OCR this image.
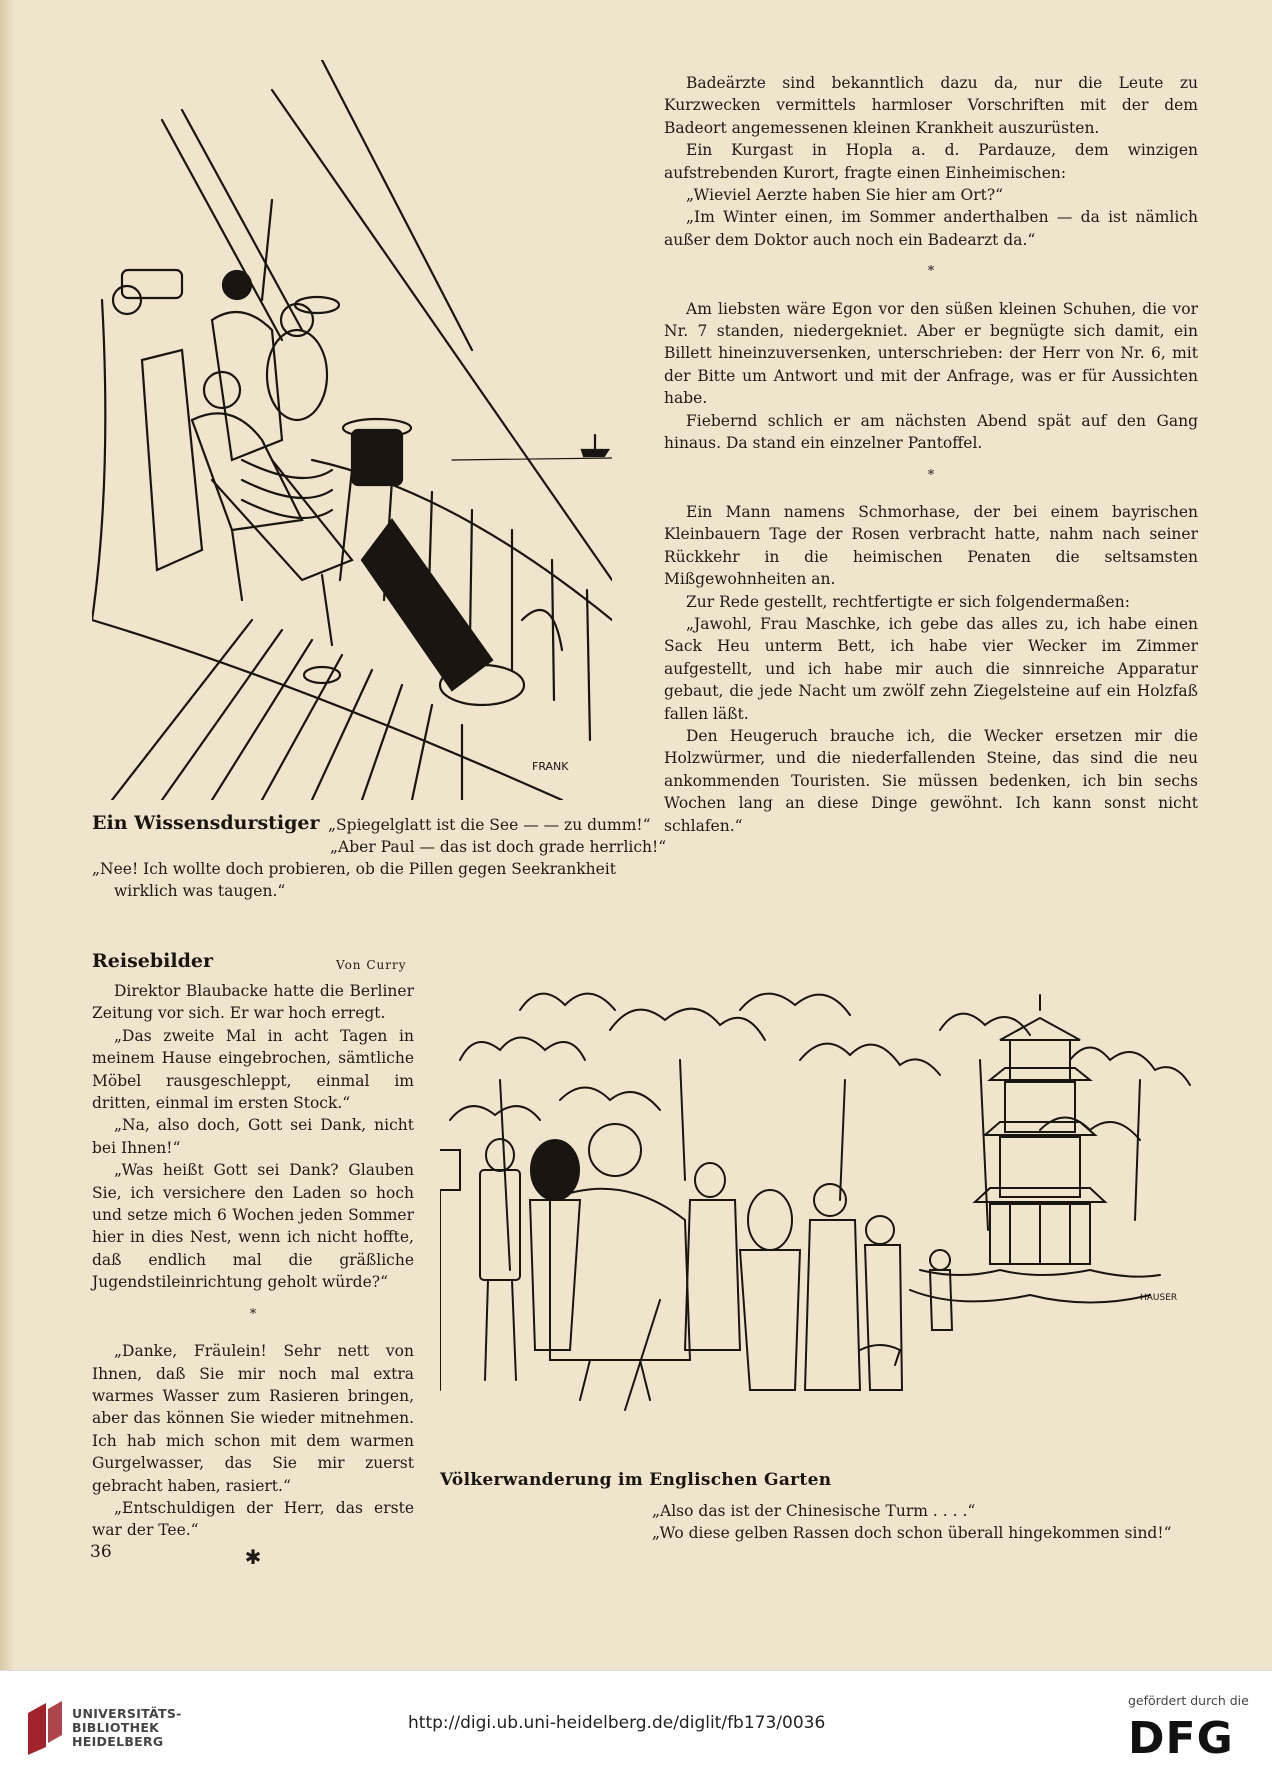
FRANK

Badeärzte sind bekanntlich dazu da, nur die Leute zu Kurzwecken vermittels harmloser Vorschriften mit der dem Badeort angemessenen kleinen Krankheit auszurüsten.

Ein Kurgast in Hopla a. d. Pardauze, dem winzigen aufstrebenden Kurort, fragte einen Einheimischen:

„Wieviel Aerzte haben Sie hier am Ort?“

„Im Winter einen, im Sommer anderthalben — da ist nämlich außer dem Doktor auch noch ein Badearzt da.“

*

Am liebsten wäre Egon vor den süßen kleinen Schuhen, die vor Nr. 7 standen, niedergekniet. Aber er begnügte sich damit, ein Billett hineinzuversenken, unterschrieben: der Herr von Nr. 6, mit der Bitte um Antwort und mit der Anfrage, was er für Aussichten habe.

Fiebernd schlich er am nächsten Abend spät auf den Gang hinaus. Da stand ein einzelner Pantoffel.

*

Ein Mann namens Schmorhase, der bei einem bayrischen Kleinbauern Tage der Rosen verbracht hatte, nahm nach seiner Rückkehr in die heimischen Penaten die seltsamsten Mißgewohnheiten an.

Zur Rede gestellt, rechtfertigte er sich folgendermaßen:

„Jawohl, Frau Maschke, ich gebe das alles zu, ich habe einen Sack Heu unterm Bett, ich habe vier Wecker im Zimmer aufgestellt, und ich habe mir auch die sinnreiche Apparatur gebaut, die jede Nacht um zwölf zehn Ziegelsteine auf ein Holzfaß fallen läßt.

Den Heugeruch brauche ich, die Wecker ersetzen mir die Holzwürmer, und die niederfallenden Steine, das sind die neu ankommenden Touristen. Sie müssen bedenken, ich bin sechs Wochen lang an diese Dinge gewöhnt. Ich kann sonst nicht schlafen.“

Ein Wissensdurstiger „Spiegelglatt ist die See — — zu dumm!“
„Aber Paul — das ist doch grade herrlich!“
„Nee! Ich wollte doch probieren, ob die Pillen gegen Seekrankheit
wirklich was taugen.“
Reisebilder	Von Curry

Direktor Blaubacke hatte die Berliner Zeitung vor sich. Er war hoch erregt.

„Das zweite Mal in acht Tagen in meinem Hause eingebrochen, sämtliche Möbel rausgeschleppt, einmal im dritten, einmal im ersten Stock.“

„Na, also doch, Gott sei Dank, nicht bei Ihnen!“

„Was heißt Gott sei Dank? Glauben Sie, ich versichere den Laden so hoch und setze mich 6 Wochen jeden Sommer hier in dies Nest, wenn ich nicht hoffte, daß endlich mal die gräßliche Jugendstileinrichtung geholt würde?“

*

„Danke, Fräulein! Sehr nett von Ihnen, daß Sie mir noch mal extra warmes Wasser zum Rasieren bringen, aber das können Sie wieder mitnehmen. Ich hab mich schon mit dem warmen Gurgelwasser, das Sie mir zuerst gebracht haben, rasiert.“

„Entschuldigen der Herr, das erste war der Tee.“

✱
HAUSER
Völkerwanderung im Englischen Garten
„Also das ist der Chinesische Turm . . . .“
„Wo diese gelben Rassen doch schon überall hingekommen sind!“
36
UNIVERSITÄTS-
BIBLIOTHEK
HEIDELBERG
http://digi.ub.uni-heidelberg.de/diglit/fb173/0036
gefördert durch die
DFG
